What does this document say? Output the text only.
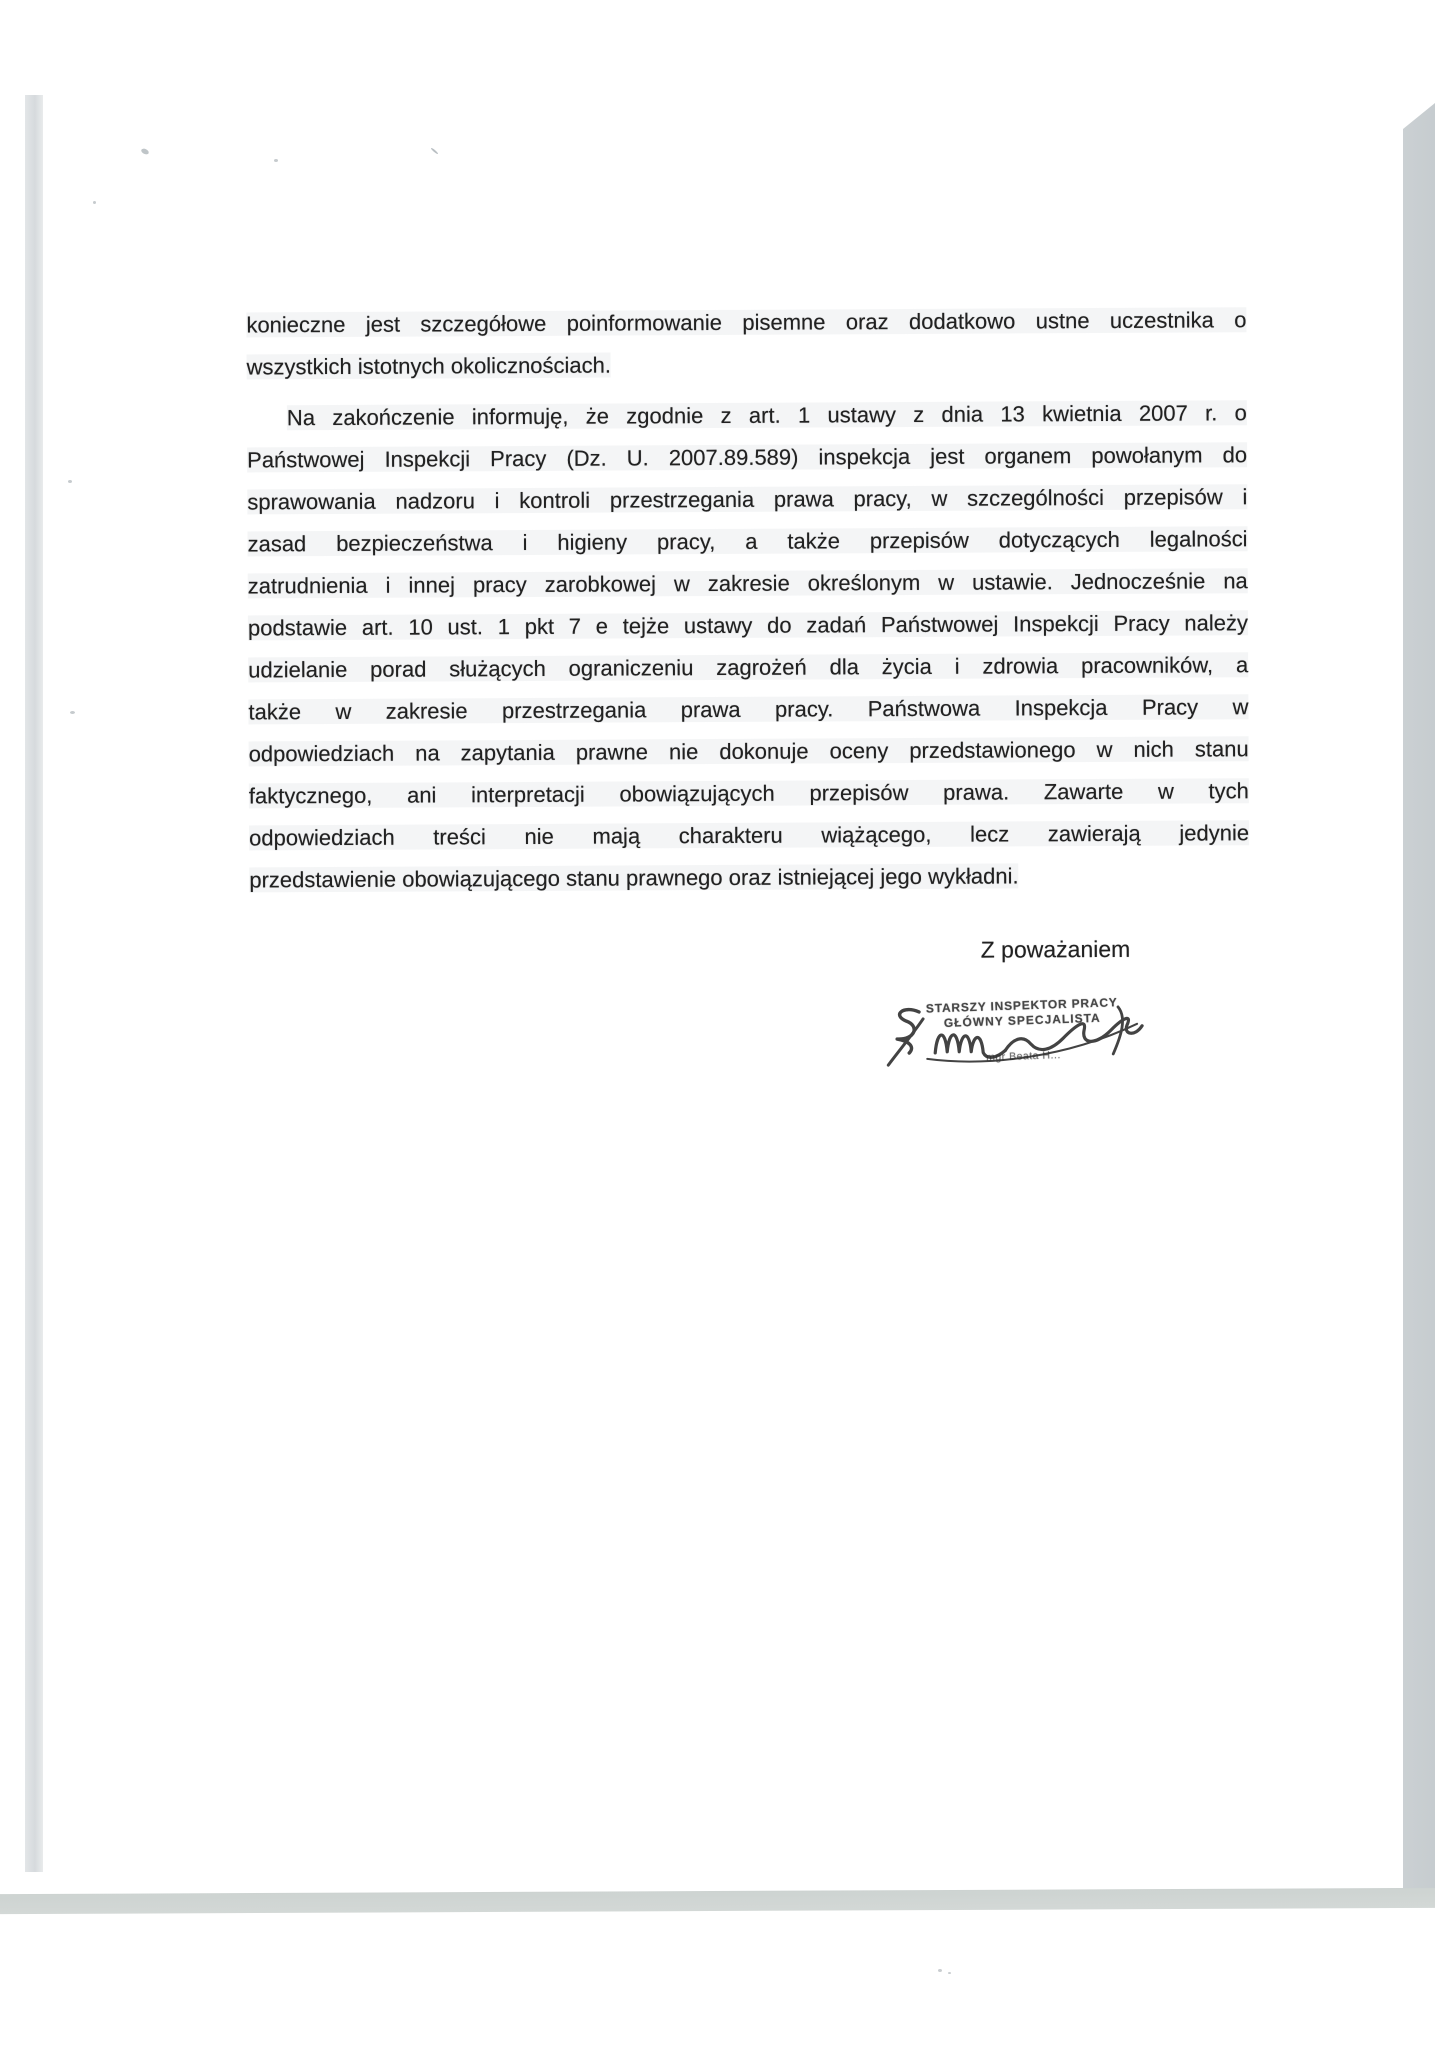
konieczne jest szczegółowe poinformowanie pisemne oraz dodatkowo ustne uczestnika o
wszystkich istotnych okolicznościach.
Na zakończenie informuję, że zgodnie z art. 1 ustawy z dnia 13 kwietnia 2007 r. o
Państwowej Inspekcji Pracy (Dz. U. 2007.89.589) inspekcja jest organem powołanym do
sprawowania nadzoru i kontroli przestrzegania prawa pracy, w szczególności przepisów i
zasad bezpieczeństwa i higieny pracy, a także przepisów dotyczących legalności
zatrudnienia i innej pracy zarobkowej w zakresie określonym w ustawie. Jednocześnie na
podstawie art. 10 ust. 1 pkt 7 e tejże ustawy do zadań Państwowej Inspekcji Pracy należy
udzielanie porad służących ograniczeniu zagrożeń dla życia i zdrowia pracowników, a
także w zakresie przestrzegania prawa pracy. Państwowa Inspekcja Pracy w
odpowiedziach na zapytania prawne nie dokonuje oceny przedstawionego w nich stanu
faktycznego, ani interpretacji obowiązujących przepisów prawa. Zawarte w tych
odpowiedziach treści nie mają charakteru wiążącego, lecz zawierają jedynie
przedstawienie obowiązującego stanu prawnego oraz istniejącej jego wykładni.
Z poważaniem
STARSZY INSPEKTOR PRACY
GŁÓWNY SPECJALISTA
mgr Beata H...
